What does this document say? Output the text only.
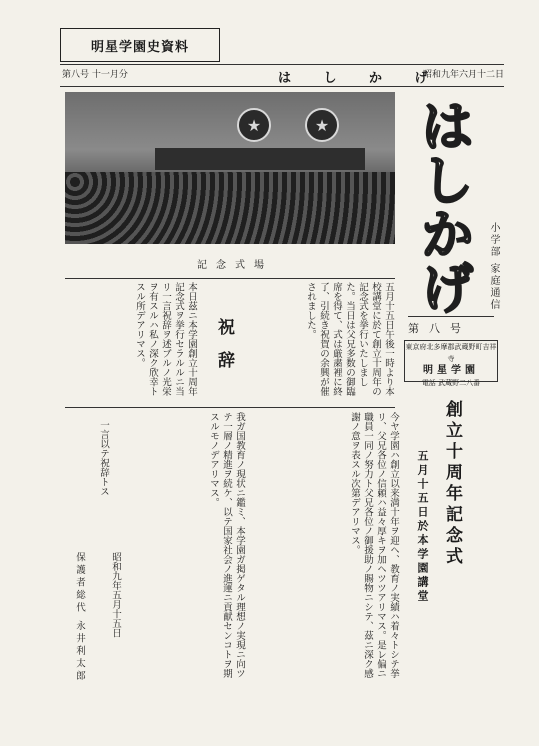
明星学園史資料
第八号 十一月分	は し か げ
昭和九年六月十二日
★	★
記念式場	はしかげ	小学部 家庭通信
第八号
東京府北多摩郡武蔵野町吉祥寺
明星学園
電話 武蔵野二八番
五月十五日午後一時より本校講堂に於て創立十周年の記念式を挙行いたしました。当日は父兄多数の御臨席を得て、式は厳粛裡に終了、引続き祝賀の余興が催されました。
祝辞
本日茲ニ本学園創立十周年記念式ヲ挙行セラルルニ当リ一言祝辞ヲ述ブルノ光栄ヲ有スルハ私ノ深ク欣幸トスル所デアリマス。
創立十周年記念式
五月十五日於本学園講堂
今ヤ学園ハ創立以来満十年ヲ迎ヘ、教育ノ実績ハ着々トシテ挙リ、父兄各位ノ信頼ハ益々厚キヲ加ヘツツアリマス。是レ偏ニ職員一同ノ努力ト父兄各位ノ御援助ノ賜物ニシテ、茲ニ深ク感謝ノ意ヲ表スル次第デアリマス。
我ガ国教育ノ現状ニ鑑ミ、本学園ガ掲ゲタル理想ノ実現ニ向ツテ一層ノ精進ヲ続ケ、以テ国家社会ノ進運ニ貢献センコトヲ期スルモノデアリマス。
一言以テ祝辞トス
昭和九年五月十五日
保護者総代 永井利太郎
